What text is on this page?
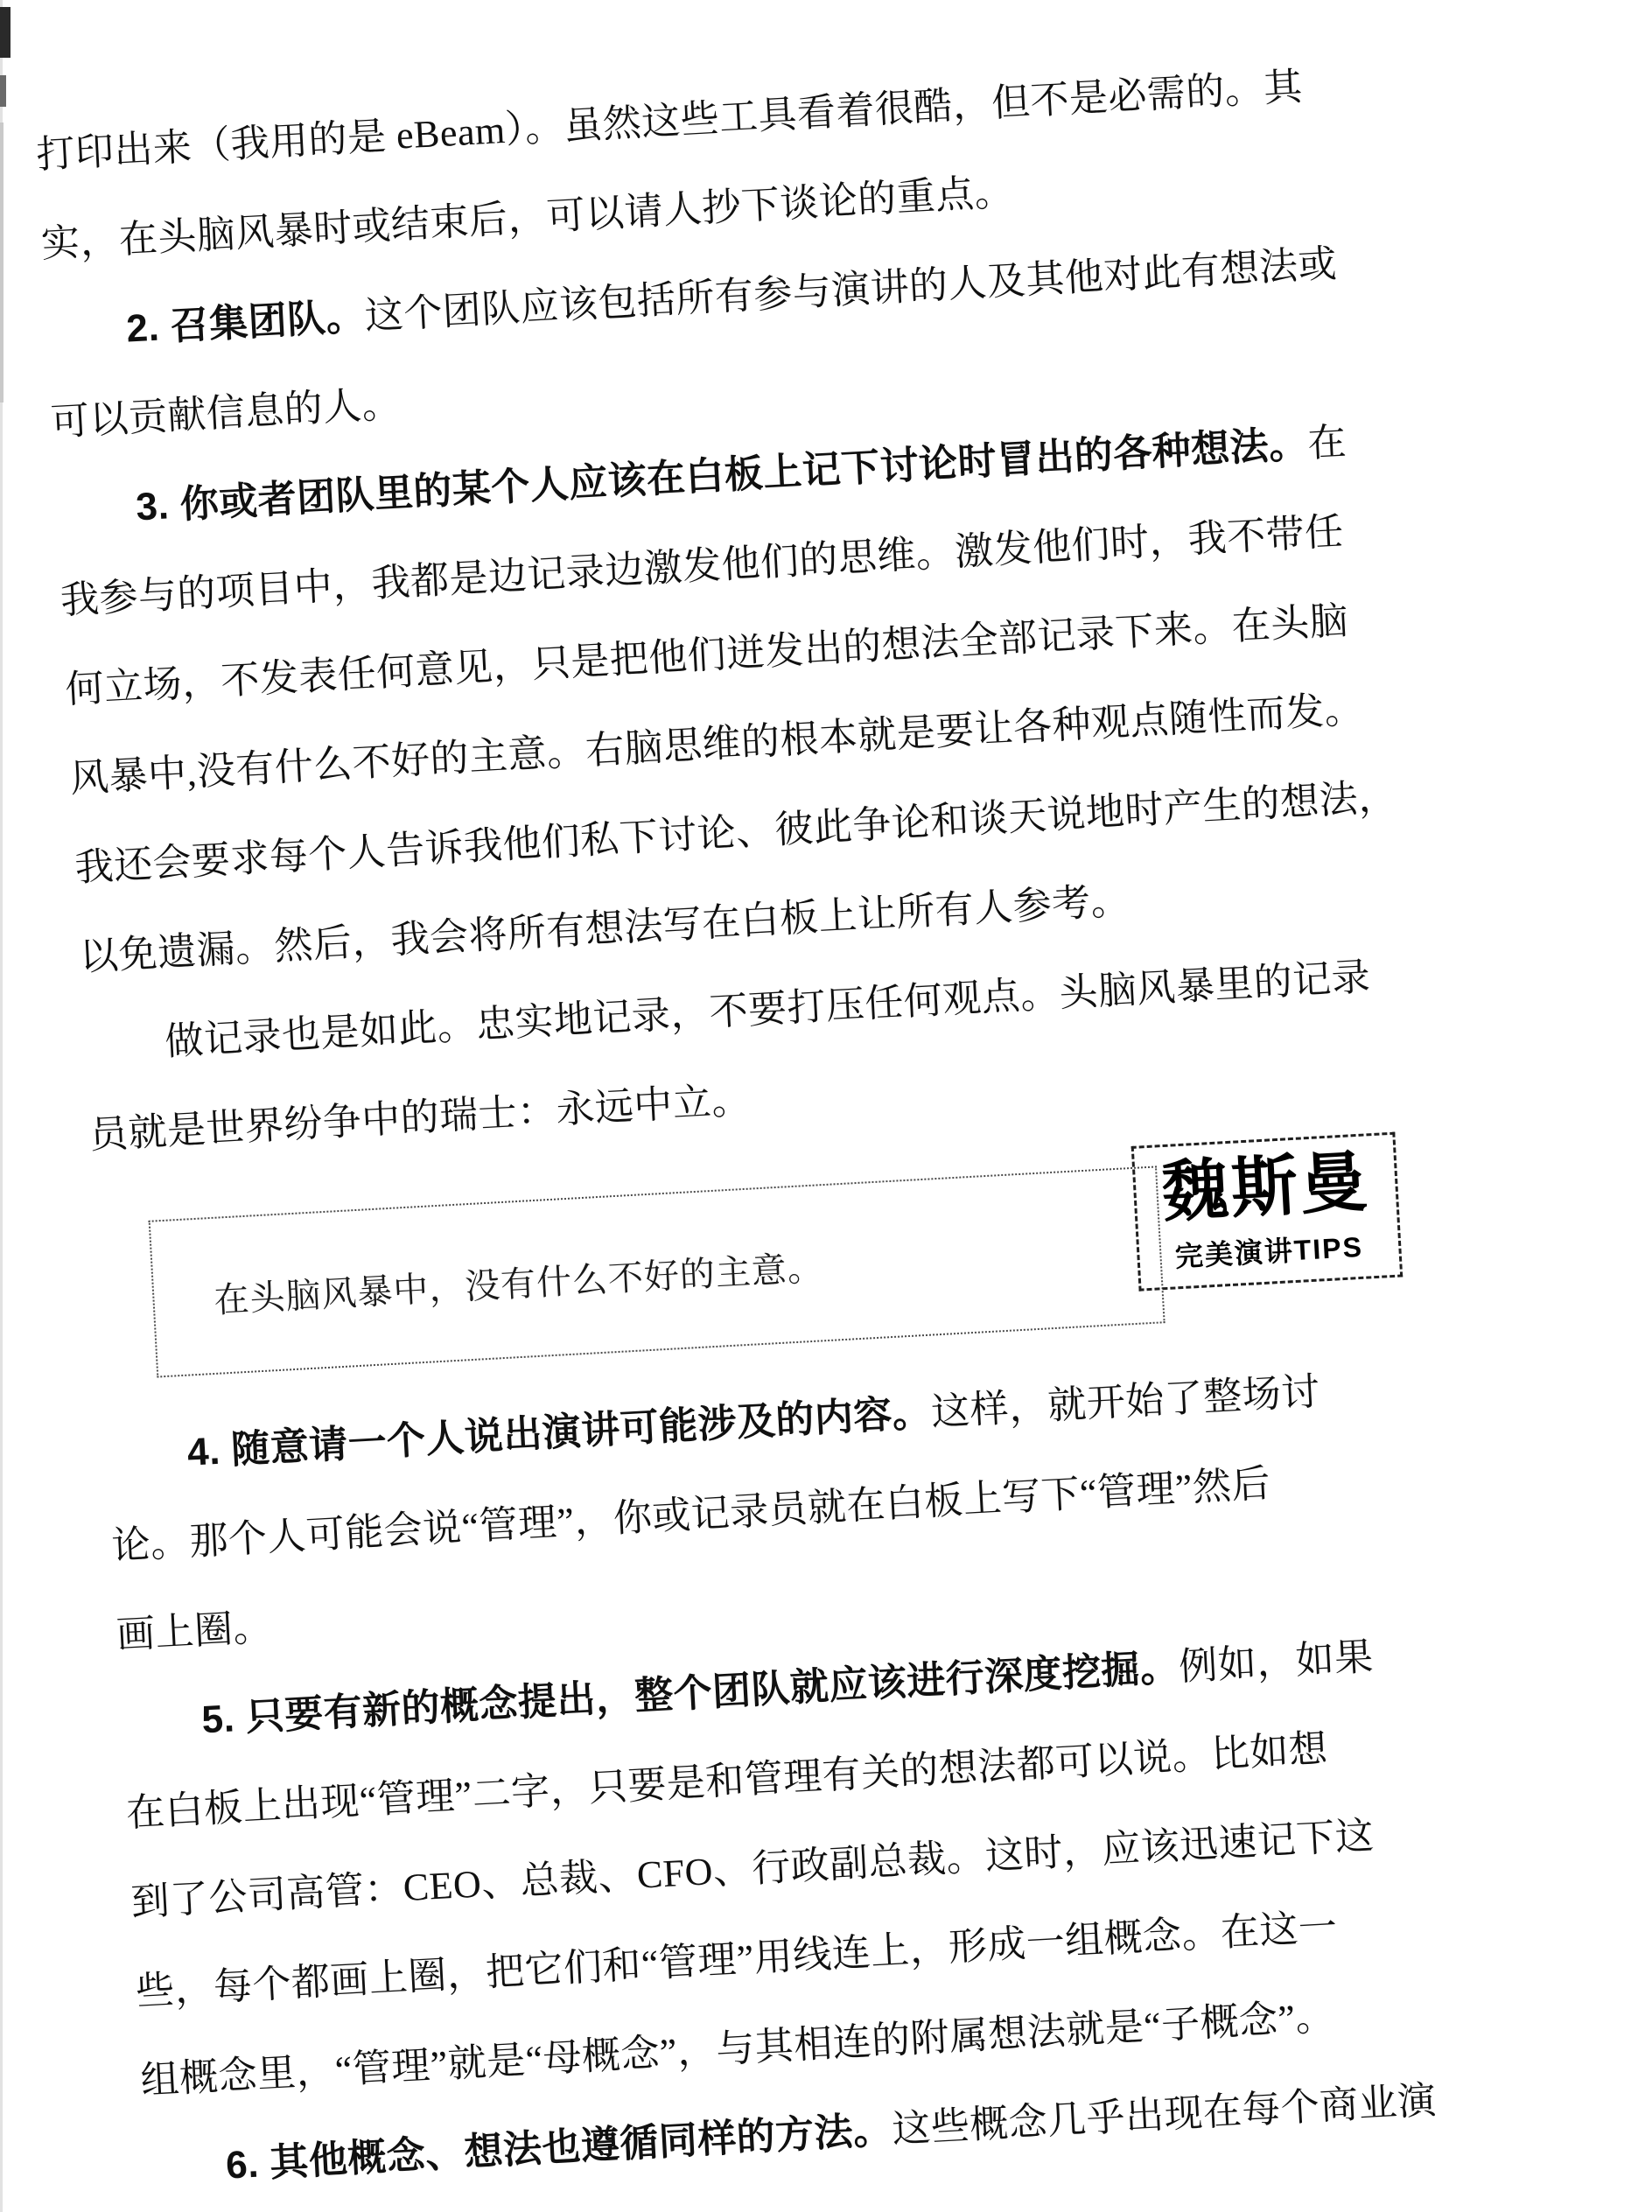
打印出来（我用的是 eBeam）。虽然这些工具看着很酷，但不是必需的。其
实，在头脑风暴时或结束后，可以请人抄下谈论的重点。
2. 召集团队。这个团队应该包括所有参与演讲的人及其他对此有想法或
可以贡献信息的人。
3. 你或者团队里的某个人应该在白板上记下讨论时冒出的各种想法。在
我参与的项目中，我都是边记录边激发他们的思维。激发他们时，我不带任
何立场，不发表任何意见，只是把他们迸发出的想法全部记录下来。在头脑
风暴中,没有什么不好的主意。右脑思维的根本就是要让各种观点随性而发。
我还会要求每个人告诉我他们私下讨论、彼此争论和谈天说地时产生的想法，
以免遗漏。然后，我会将所有想法写在白板上让所有人参考。
做记录也是如此。忠实地记录，不要打压任何观点。头脑风暴里的记录
员就是世界纷争中的瑞士：永远中立。
在头脑风暴中，没有什么不好的主意。
魏斯曼
完美演讲TIPS
4. 随意请一个人说出演讲可能涉及的内容。这样，就开始了整场讨
论。那个人可能会说“管理”，你或记录员就在白板上写下“管理”然后
画上圈。
5. 只要有新的概念提出，整个团队就应该进行深度挖掘。例如，如果
在白板上出现“管理”二字，只要是和管理有关的想法都可以说。比如想
到了公司高管：CEO、总裁、CFO、行政副总裁。这时，应该迅速记下这
些，每个都画上圈，把它们和“管理”用线连上，形成一组概念。在这一
组概念里，“管理”就是“母概念”，与其相连的附属想法就是“子概念”。
6. 其他概念、想法也遵循同样的方法。这些概念几乎出现在每个商业演
